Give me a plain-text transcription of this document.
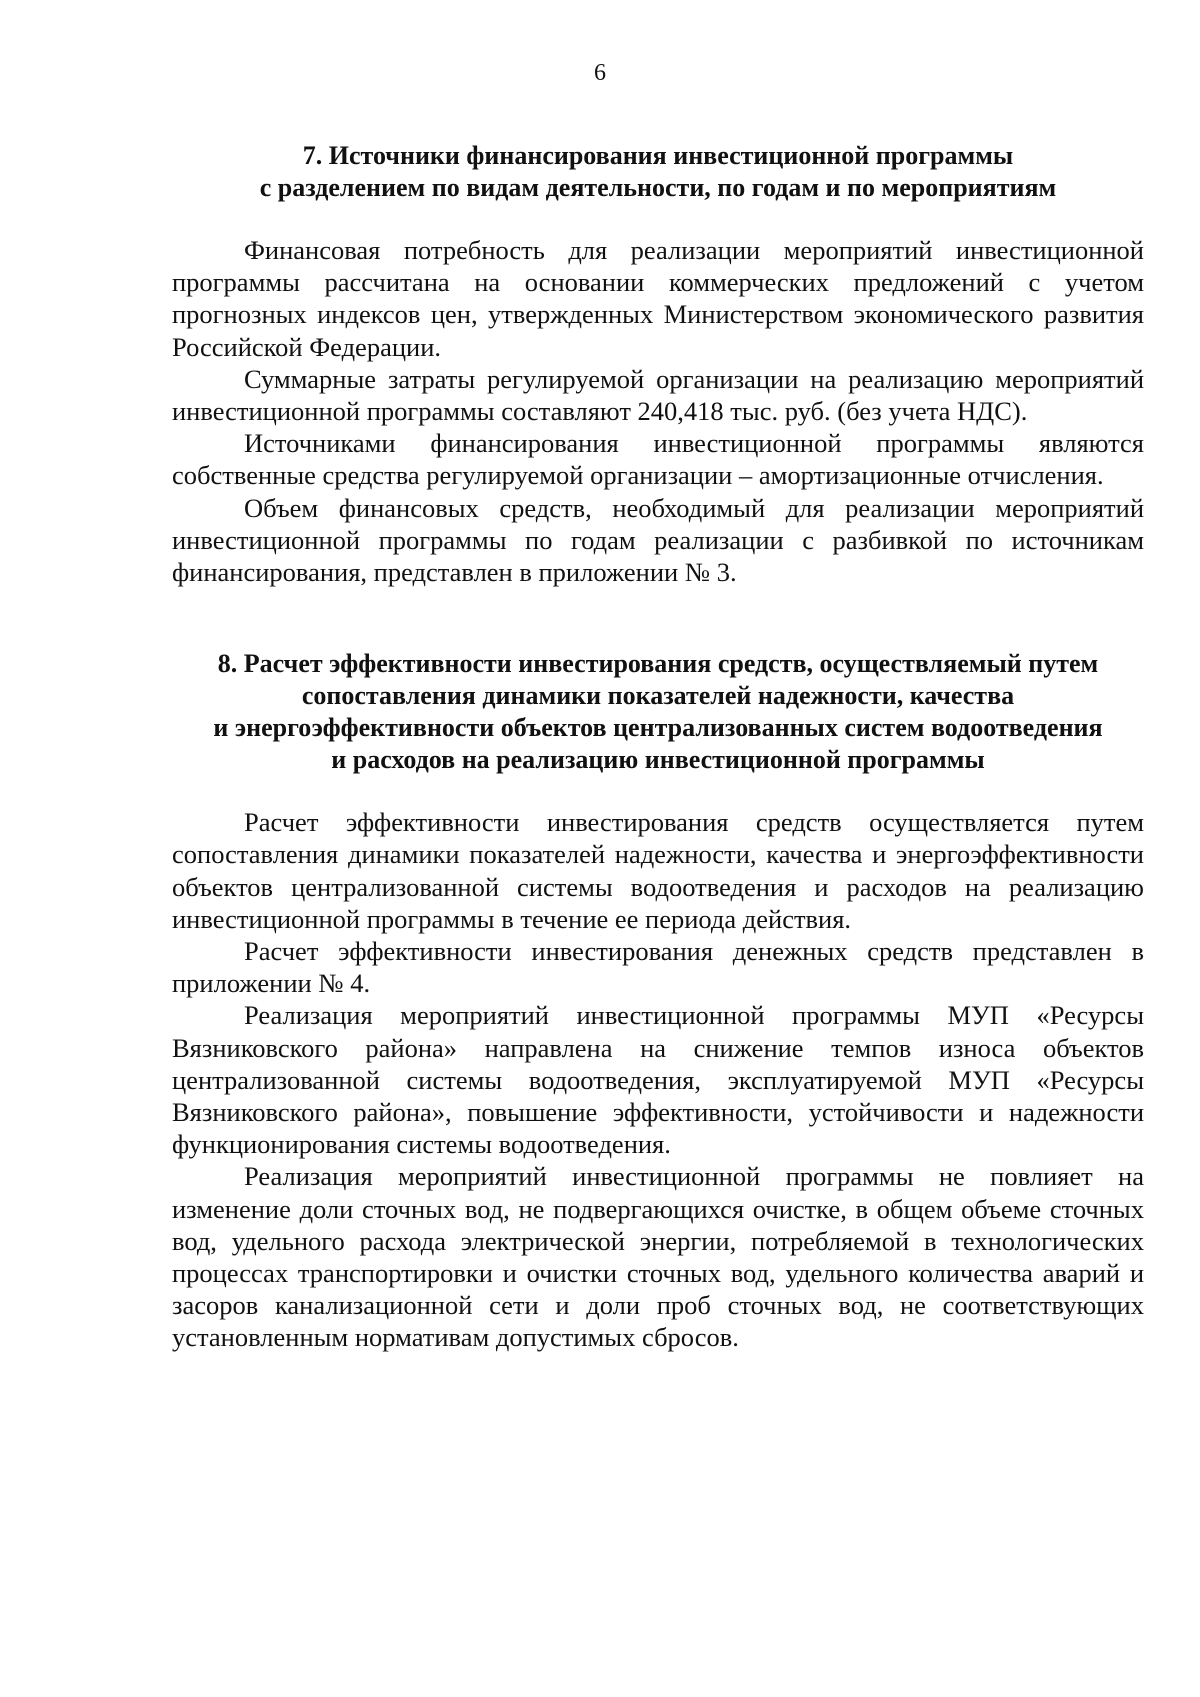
6
7. Источники финансирования инвестиционной программы
с разделением по видам деятельности, по годам и по мероприятиям

Финансовая потребность для реализации мероприятий инвестиционной программы рассчитана на основании коммерческих предложений с учетом прогнозных индексов цен, утвержденных Министерством экономического развития Российской Федерации.

Суммарные затраты регулируемой организации на реализацию мероприятий инвестиционной программы составляют 240,418 тыс. руб. (без учета НДС).

Источниками финансирования инвестиционной программы являются собственные средства регулируемой организации – амортизационные отчисления.

Объем финансовых средств, необходимый для реализации мероприятий инвестиционной программы по годам реализации с разбивкой по источникам финансирования, представлен в приложении № 3.

8. Расчет эффективности инвестирования средств, осуществляемый путем
сопоставления динамики показателей надежности, качества
и энергоэффективности объектов централизованных систем водоотведения
и расходов на реализацию инвестиционной программы

Расчет эффективности инвестирования средств осуществляется путем сопоставления динамики показателей надежности, качества и энергоэффективности объектов централизованной системы водоотведения и расходов на реализацию инвестиционной программы в течение ее периода действия.

Расчет эффективности инвестирования денежных средств представлен в приложении № 4.

Реализация мероприятий инвестиционной программы МУП «Ресурсы Вязниковского района» направлена на снижение темпов износа объектов централизованной системы водоотведения, эксплуатируемой МУП «Ресурсы Вязниковского района», повышение эффективности, устойчивости и надежности функционирования системы водоотведения.

Реализация мероприятий инвестиционной программы не повлияет на изменение доли сточных вод, не подвергающихся очистке, в общем объеме сточных вод, удельного расхода электрической энергии, потребляемой в технологических процессах транспортировки и очистки сточных вод, удельного количества аварий и засоров канализационной сети и доли проб сточных вод, не соответствующих установленным нормативам допустимых сбросов.
